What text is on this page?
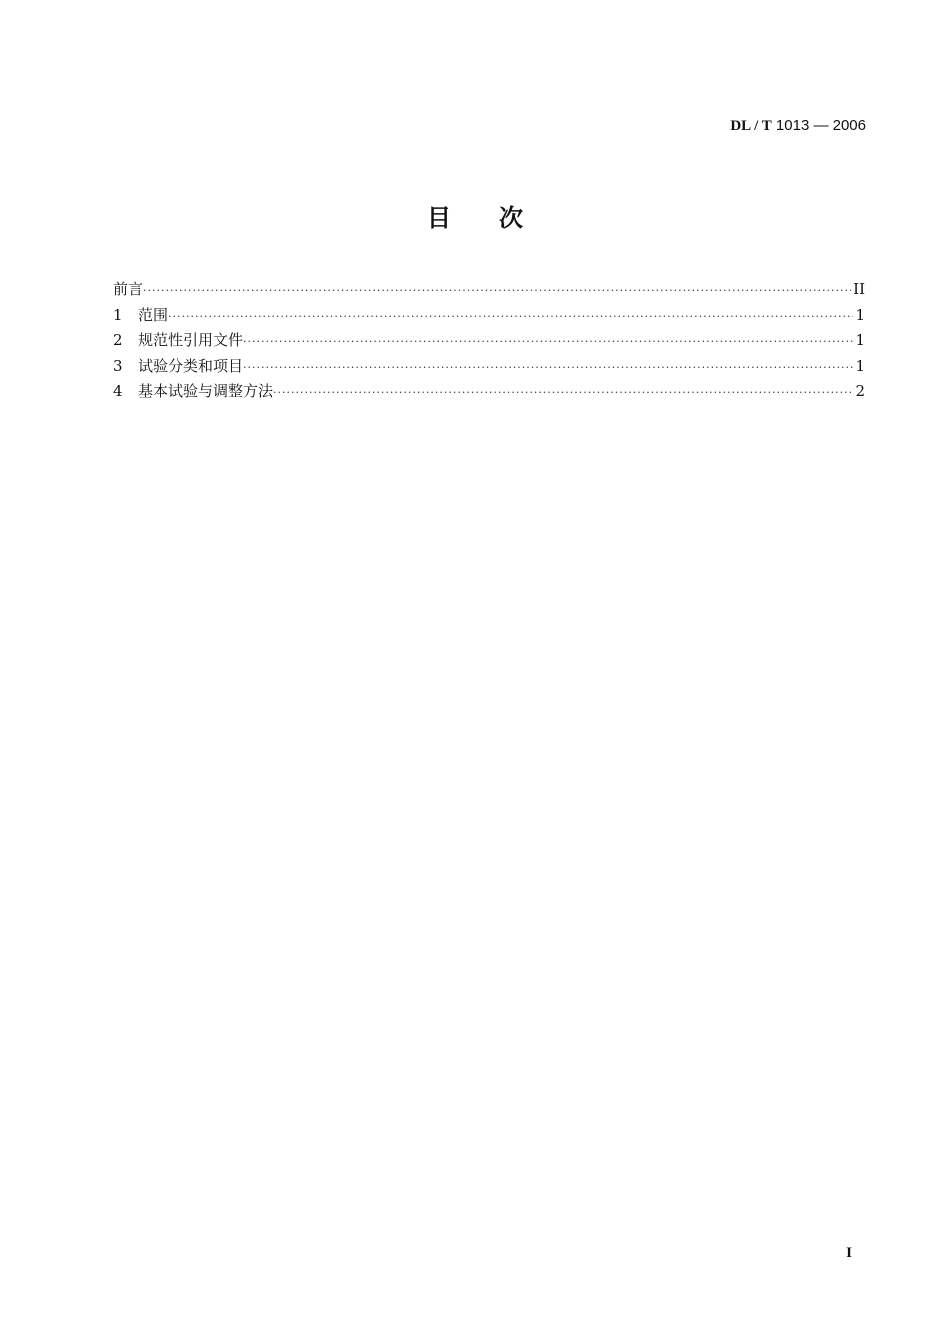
DL / T 1013 — 2006
目次
前言 ·····	II
1	范围 ·····	1
2	规范性引用文件 ·····	1
3	试验分类和项目 ·····	1
4	基本试验与调整方法 ·····	2
I
